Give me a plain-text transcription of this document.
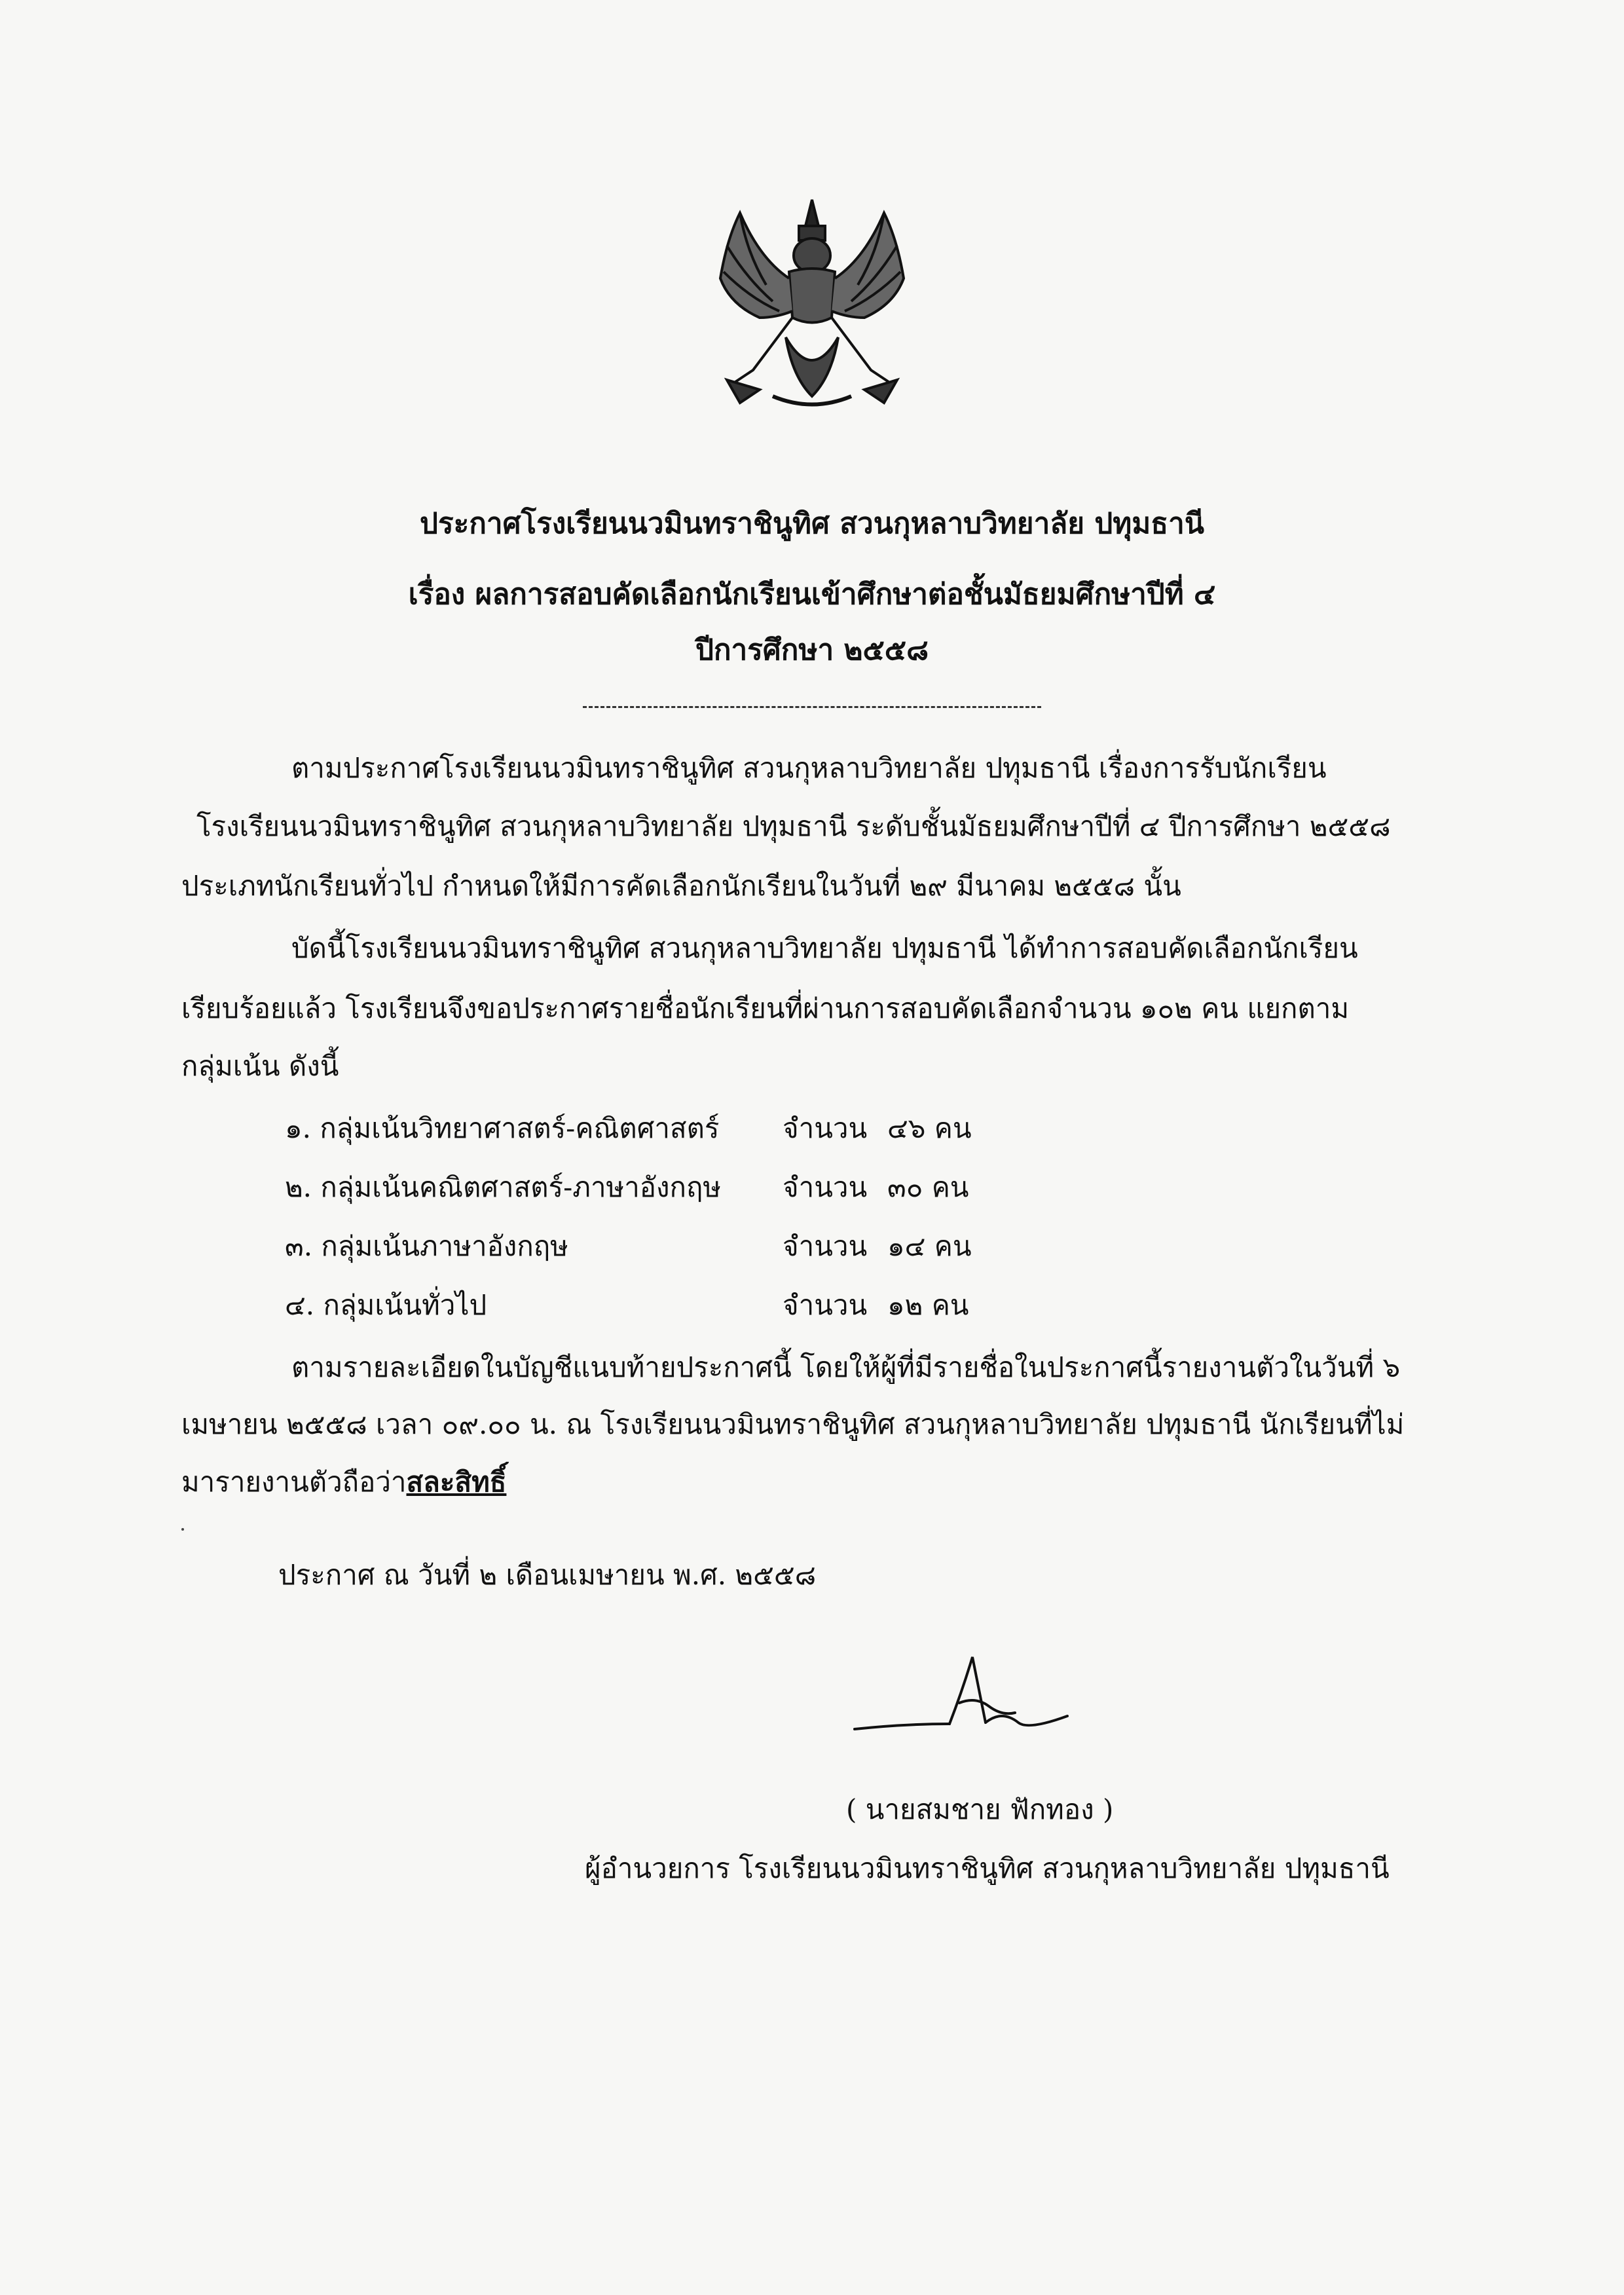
ประกาศโรงเรียนนวมินทราชินูทิศ สวนกุหลาบวิทยาลัย ปทุมธานี
เรื่อง ผลการสอบคัดเลือกนักเรียนเข้าศึกษาต่อชั้นมัธยมศึกษาปีที่ ๔
ปีการศึกษา ๒๕๕๘
ตามประกาศโรงเรียนนวมินทราชินูทิศ สวนกุหลาบวิทยาลัย ปทุมธานี เรื่องการรับนักเรียน
โรงเรียนนวมินทราชินูทิศ สวนกุหลาบวิทยาลัย ปทุมธานี ระดับชั้นมัธยมศึกษาปีที่ ๔ ปีการศึกษา ๒๕๕๘
ประเภทนักเรียนทั่วไป กำหนดให้มีการคัดเลือกนักเรียนในวันที่ ๒๙ มีนาคม ๒๕๕๘ นั้น
บัดนี้โรงเรียนนวมินทราชินูทิศ สวนกุหลาบวิทยาลัย ปทุมธานี ได้ทำการสอบคัดเลือกนักเรียน
เรียบร้อยแล้ว โรงเรียนจึงขอประกาศรายชื่อนักเรียนที่ผ่านการสอบคัดเลือกจำนวน ๑๐๒ คน แยกตาม
กลุ่มเน้น ดังนี้
๑. กลุ่มเน้นวิทยาศาสตร์-คณิตศาสตร์ จำนวน ๔๖ คน
๒. กลุ่มเน้นคณิตศาสตร์-ภาษาอังกฤษ จำนวน ๓๐ คน
๓. กลุ่มเน้นภาษาอังกฤษ	จำนวน ๑๔ คน
๔. กลุ่มเน้นทั่วไป	จำนวน ๑๒ คน
ตามรายละเอียดในบัญชีแนบท้ายประกาศนี้ โดยให้ผู้ที่มีรายชื่อในประกาศนี้รายงานตัวในวันที่ ๖
เมษายน ๒๕๕๘ เวลา ๐๙.๐๐ น. ณ โรงเรียนนวมินทราชินูทิศ สวนกุหลาบวิทยาลัย ปทุมธานี นักเรียนที่ไม่
มารายงานตัวถือว่าสละสิทธิ์
ประกาศ ณ วันที่ ๒ เดือนเมษายน พ.ศ. ๒๕๕๘
( นายสมชาย ฟักทอง )
ผู้อำนวยการ โรงเรียนนวมินทราชินูทิศ สวนกุหลาบวิทยาลัย ปทุมธานี
